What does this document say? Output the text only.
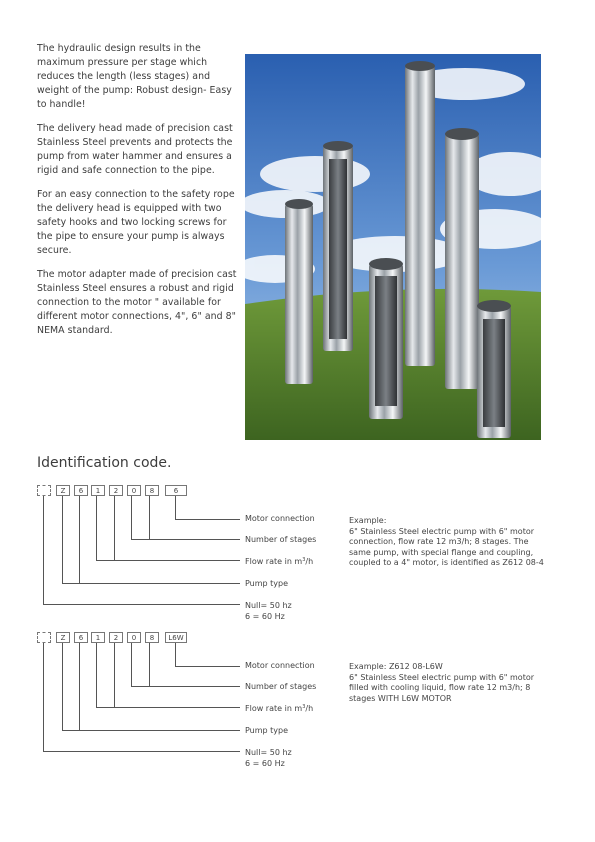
The hydraulic design results in the maximum pressure per stage which reduces the length (less stages) and weight of the pump: Robust design- Easy to handle!

The delivery head made of precision cast Stainless Steel prevents and protects the pump from water hammer and ensures a rigid and safe connection to the pipe.

For an easy connection to the safety rope the delivery head is equipped with two safety hooks and two locking screws for the pipe to ensure your pump is always secure.

The motor adapter made of precision cast Stainless Steel ensures a robust and rigid connection to the motor " available for different motor connections, 4", 6" and 8" NEMA standard.

Identification code.
Z	6	1	2	0	8	6
Motor connection
Number of stages
Flow rate in $m^3/h$
Pump type
Null= 50 hz
6 = 60 Hz
Example:
6" Stainless Steel electric pump with 6" motor connection, flow rate 12 m3/h; 8 stages. The same pump, with special flange and coupling, coupled to a 4" motor, is identified as Z612 08-4
Z	6	1	2	0	8	L6W
Motor connection
Number of stages
Flow rate in $m^3/h$
Pump type
Null= 50 hz
6 = 60 Hz
Example: Z612 08-L6W
6" Stainless Steel electric pump with 6" motor filled with cooling liquid, flow rate 12 m3/h; 8 stages WITH L6W MOTOR
